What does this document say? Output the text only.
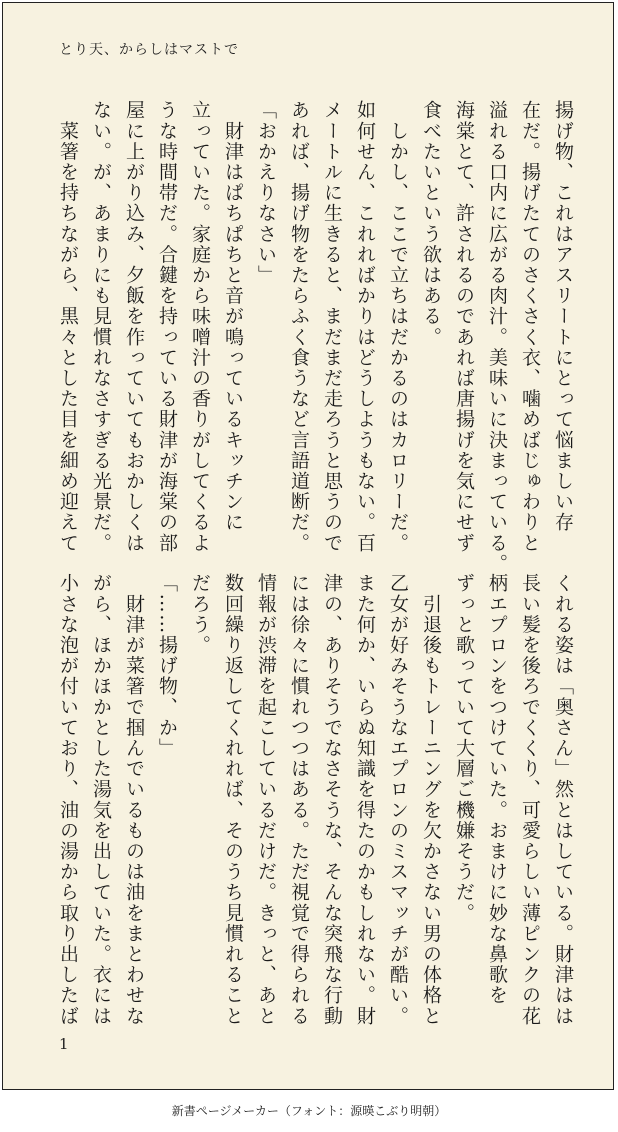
とり天、からしはマストで

揚げ物、これはアスリートにとって悩ましい存
在だ。揚げたてのさくさく衣、噛めばじゅわりと
溢れる口内に広がる肉汁。美味いに決まっている。
海棠とて、許されるのであれば唐揚げを気にせず
食べたいという欲はある。
　しかし、ここで立ちはだかるのはカロリーだ。
如何せん、これればかりはどうしようもない。百
メートルに生きると、まだまだ走ろうと思うので
あれば、揚げ物をたらふく食うなど言語道断だ。
「おかえりなさい」
　財津はぱちぱちと音が鳴っているキッチンに
立っていた。家庭から味噌汁の香りがしてくるよ
うな時間帯だ。合鍵を持っている財津が海棠の部
屋に上がり込み、夕飯を作っていてもおかしくは
ない。が、あまりにも見慣れなさすぎる光景だ。
　菜箸を持ちながら、黒々とした目を細め迎えて

くれる姿は「奥さん」然とはしている。財津はは
長い髪を後ろでくくり、可愛らしい薄ピンクの花
柄エプロンをつけていた。おまけに妙な鼻歌を
ずっと歌っていて大層ご機嫌そうだ。
　引退後もトレーニングを欠かさない男の体格と
乙女が好みそうなエプロンのミスマッチが酷い。
また何か、いらぬ知識を得たのかもしれない。財
津の、ありそうでなさそうな、そんな突飛な行動
には徐々に慣れつつはある。ただ視覚で得られる
情報が渋滞を起こしているだけだ。きっと、あと
数回繰り返してくれれば、そのうち見慣れること
だろう。
「……揚げ物、か」
　財津が菜箸で掴んでいるものは油をまとわせな
がら、ほかほかとした湯気を出していた。衣には
小さな泡が付いており、油の湯から取り出したば

1
新書ページメーカー（フォント：源暎こぶり明朝）
